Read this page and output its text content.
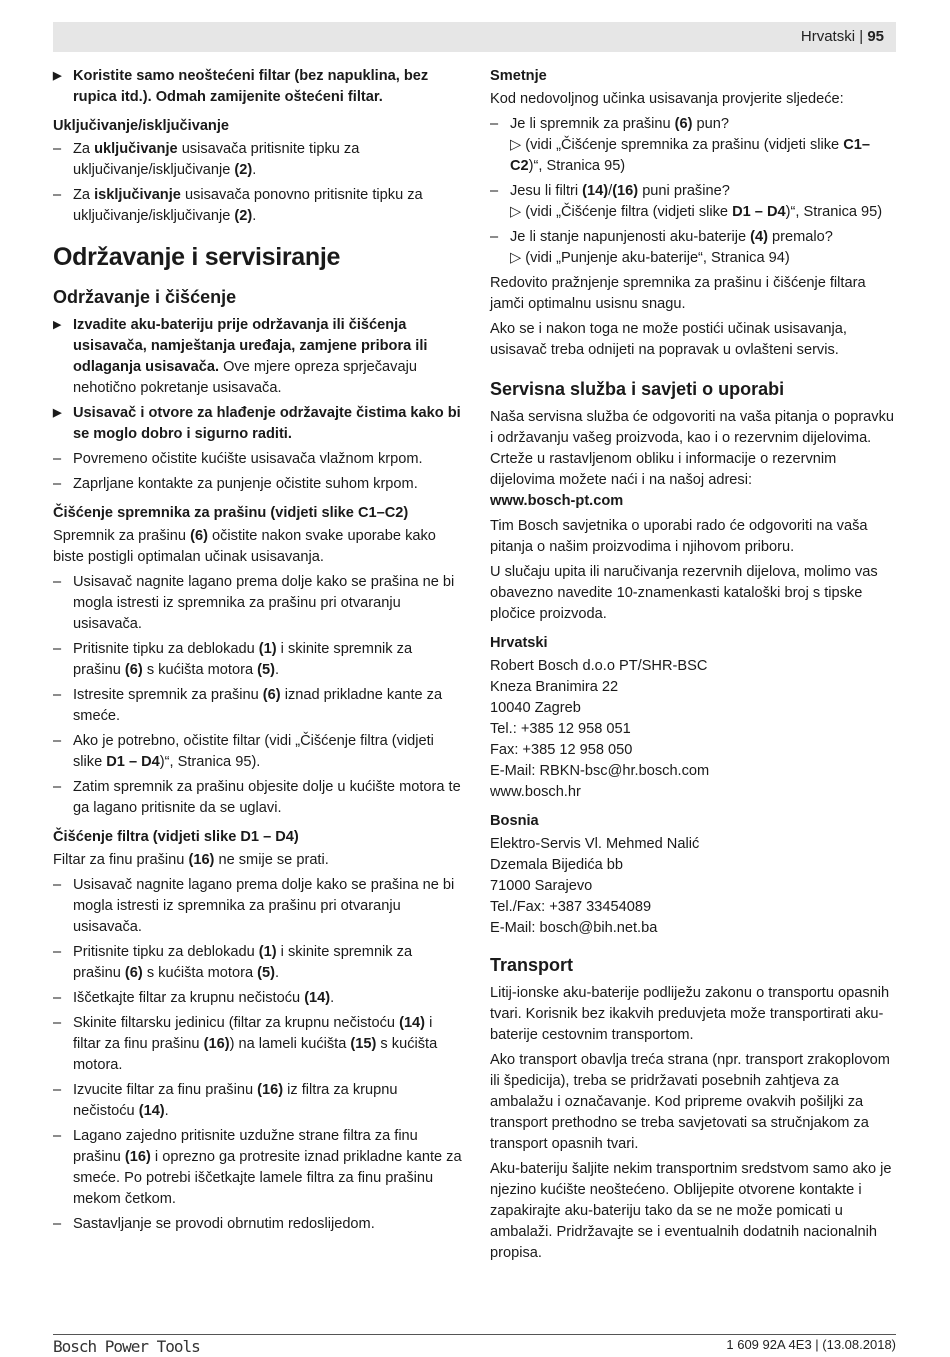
Hrvatski | 95
▶ Koristite samo neoštećeni filtar (bez napuklina, bez rupica itd.). Odmah zamijenite oštećeni filtar.
Uključivanje/isključivanje
– Za uključivanje usisavača pritisnite tipku za uključivanje/isključivanje (2).
– Za isključivanje usisavača ponovno pritisnite tipku za uključivanje/isključivanje (2).
Održavanje i servisiranje
Održavanje i čišćenje
▶ Izvadite aku-bateriju prije održavanja ili čišćenja usisavača, namještanja uređaja, zamjene pribora ili odlaganja usisavača. Ove mjere opreza sprječavaju nehotično pokretanje usisavača.
▶ Usisavač i otvore za hlađenje održavajte čistima kako bi se moglo dobro i sigurno raditi.
– Povremeno očistite kućište usisavača vlažnom krpom.
– Zaprljane kontakte za punjenje očistite suhom krpom.
Čišćenje spremnika za prašinu (vidjeti slike C1–C2)

Spremnik za prašinu (6) očistite nakon svake uporabe kako biste postigli optimalan učinak usisavanja.

– Usisavač nagnite lagano prema dolje kako se prašina ne bi mogla istresti iz spremnika za prašinu pri otvaranju usisavača.
– Pritisnite tipku za deblokadu (1) i skinite spremnik za prašinu (6) s kućišta motora (5).
– Istresite spremnik za prašinu (6) iznad prikladne kante za smeće.
– Ako je potrebno, očistite filtar (vidi „Čišćenje filtra (vidjeti slike D1 – D4)“, Stranica 95).
– Zatim spremnik za prašinu objesite dolje u kućište motora te ga lagano pritisnite da se uglavi.
Čišćenje filtra (vidjeti slike D1 – D4)

Filtar za finu prašinu (16) ne smije se prati.

– Usisavač nagnite lagano prema dolje kako se prašina ne bi mogla istresti iz spremnika za prašinu pri otvaranju usisavača.
– Pritisnite tipku za deblokadu (1) i skinite spremnik za prašinu (6) s kućišta motora (5).
– Iščetkajte filtar za krupnu nečistoću (14).
– Skinite filtarsku jedinicu (filtar za krupnu nečistoću (14) i filtar za finu prašinu (16)) na lameli kućišta (15) s kućišta motora.
– Izvucite filtar za finu prašinu (16) iz filtra za krupnu nečistoću (14).
– Lagano zajedno pritisnite uzdužne strane filtra za finu prašinu (16) i oprezno ga protresite iznad prikladne kante za smeće. Po potrebi iščetkajte lamele filtra za finu prašinu mekom četkom.
– Sastavljanje se provodi obrnutim redoslijedom.
Smetnje

Kod nedovoljnog učinka usisavanja provjerite sljedeće:

– Je li spremnik za prašinu (6) pun?
▷ (vidi „Čišćenje spremnika za prašinu (vidjeti slike C1–C2)“, Stranica 95)
– Jesu li filtri (14)/(16) puni prašine?
▷ (vidi „Čišćenje filtra (vidjeti slike D1 – D4)“, Stranica 95)
– Je li stanje napunjenosti aku-baterije (4) premalo?
▷ (vidi „Punjenje aku-baterije“, Stranica 94)

Redovito pražnjenje spremnika za prašinu i čišćenje filtara jamči optimalnu usisnu snagu.

Ako se i nakon toga ne može postići učinak usisavanja, usisavač treba odnijeti na popravak u ovlašteni servis.

Servisna služba i savjeti o uporabi

Naša servisna služba će odgovoriti na vaša pitanja o popravku i održavanju vašeg proizvoda, kao i o rezervnim dijelovima. Crteže u rastavljenom obliku i informacije o rezervnim dijelovima možete naći i na našoj adresi:

www.bosch-pt.com

Tim Bosch savjetnika o uporabi rado će odgovoriti na vaša pitanja o našim proizvodima i njihovom priboru.

U slučaju upita ili naručivanja rezervnih dijelova, molimo vas obavezno navedite 10-znamenkasti kataloški broj s tipske pločice proizvoda.

Hrvatski
Robert Bosch d.o.o PT/SHR-BSC
Kneza Branimira 22
10040 Zagreb
Tel.: +385 12 958 051
Fax: +385 12 958 050
E-Mail: RBKN-bsc@hr.bosch.com
www.bosch.hr
Bosnia
Elektro-Servis Vl. Mehmed Nalić
Dzemala Bijedića bb
71000 Sarajevo
Tel./Fax: +387 33454089
E-Mail: bosch@bih.net.ba
Transport

Litij-ionske aku-baterije podliježu zakonu o transportu opasnih tvari. Korisnik bez ikakvih preduvjeta može transportirati aku-baterije cestovnim transportom.

Ako transport obavlja treća strana (npr. transport zrakoplovom ili špedicija), treba se pridržavati posebnih zahtjeva za ambalažu i označavanje. Kod pripreme ovakvih pošiljki za transport prethodno se treba savjetovati sa stručnjakom za transport opasnih tvari.

Aku-bateriju šaljite nekim transportnim sredstvom samo ako je njezino kućište neoštećeno. Oblijepite otvorene kontakte i zapakirajte aku-bateriju tako da se ne može pomicati u ambalaži. Pridržavajte se i eventualnih dodatnih nacionalnih propisa.

Bosch Power Tools	1 609 92A 4E3 | (13.08.2018)
